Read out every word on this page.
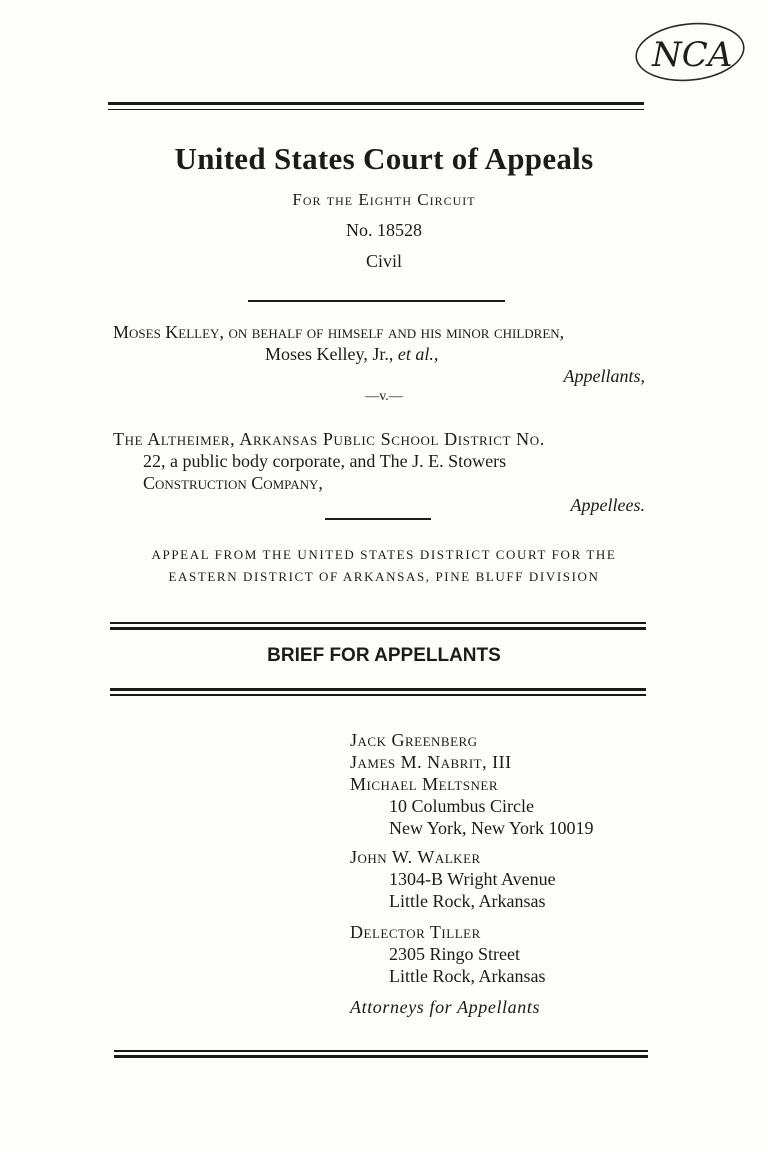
NCA
United States Court of Appeals
For the Eighth Circuit
No. 18528
Civil
Moses Kelley, on behalf of himself and his minor children,
Moses Kelley, Jr., et al.,
Appellants,
—v.—
The Altheimer, Arkansas Public School District No.
22, a public body corporate, and The J. E. Stowers
Construction Company,
Appellees.
APPEAL FROM THE UNITED STATES DISTRICT COURT FOR THE
EASTERN DISTRICT OF ARKANSAS, PINE BLUFF DIVISION
BRIEF FOR APPELLANTS
Jack Greenberg
James M. Nabrit, III
Michael Meltsner
10 Columbus Circle
New York, New York 10019
John W. Walker
1304-B Wright Avenue
Little Rock, Arkansas
Delector Tiller
2305 Ringo Street
Little Rock, Arkansas
Attorneys for Appellants
